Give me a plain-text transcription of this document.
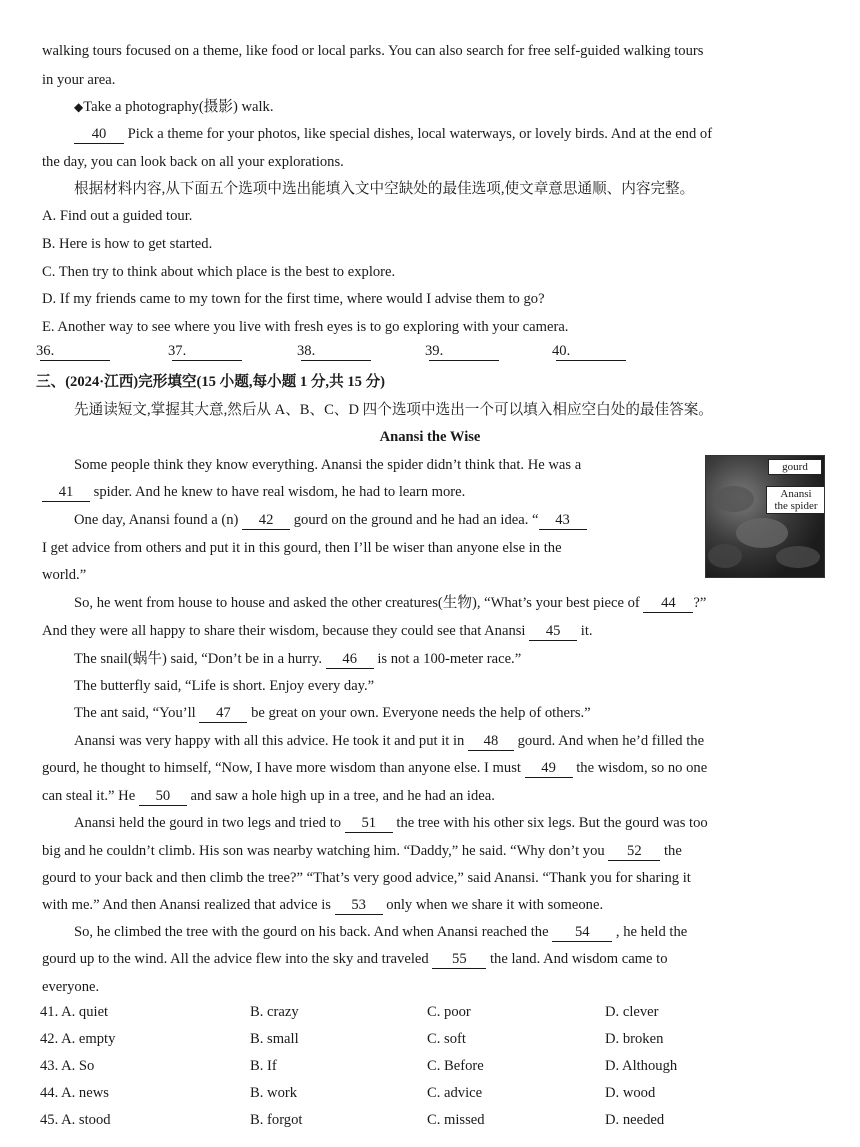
walking tours focused on a theme, like food or local parks. You can also search for free self-guided walking tours
in your area.
◆Take a photography(摄影) walk.
40 Pick a theme for your photos, like special dishes, local waterways, or lovely birds. And at the end of
the day, you can look back on all your explorations.
根据材料内容,从下面五个选项中选出能填入文中空缺处的最佳选项,使文章意思通顺、内容完整。
A. Find out a guided tour.
B. Here is how to get started.
C. Then try to think about which place is the best to explore.
D. If my friends came to my town for the first time, where would I advise them to go?
E. Another way to see where you live with fresh eyes is to go exploring with your camera.
36.
	37.
	38.
	39.
	40.

三、(2024·江西)完形填空(15 小题,每小题 1 分,共 15 分)
先通读短文,掌握其大意,然后从 A、B、C、D 四个选项中选出一个可以填入相应空白处的最佳答案。
Anansi the Wise
gourd
Anansi
the spider
Some people think they know everything. Anansi the spider didn’t think that. He was a
41 spider. And he knew to have real wisdom, he had to learn more.
One day, Anansi found a (n) 42 gourd on the ground and he had an idea. “ 43
I get advice from others and put it in this gourd, then I’ll be wiser than anyone else in the
world.”
So, he went from house to house and asked the other creatures(生物), “What’s your best piece of 44 ?”
And they were all happy to share their wisdom, because they could see that Anansi 45 it.
The snail(蜗牛) said, “Don’t be in a hurry. 46 is not a 100-meter race.”
The butterfly said, “Life is short. Enjoy every day.”
The ant said, “You’ll 47 be great on your own. Everyone needs the help of others.”
Anansi was very happy with all this advice. He took it and put it in 48 gourd. And when he’d filled the
gourd, he thought to himself, “Now, I have more wisdom than anyone else. I must 49 the wisdom, so no one
can steal it.” He 50 and saw a hole high up in a tree, and he had an idea.
Anansi held the gourd in two legs and tried to 51 the tree with his other six legs. But the gourd was too
big and he couldn’t climb. His son was nearby watching him. “Daddy,” he said. “Why don’t you 52 the
gourd to your back and then climb the tree?” “That’s very good advice,” said Anansi. “Thank you for sharing it
with me.” And then Anansi realized that advice is 53 only when we share it with someone.
So, he climbed the tree with the gourd on his back. And when Anansi reached the 54 , he held the
gourd up to the wind. All the advice flew into the sky and traveled 55 the land. And wisdom came to
everyone.
41. A. quiet	B. crazy	C. poor	D. clever
42. A. empty	B. small	C. soft	D. broken
43. A. So	B. If	C. Before	D. Although
44. A. news	B. work	C. advice	D. wood
45. A. stood	B. forgot	C. missed	D. needed
